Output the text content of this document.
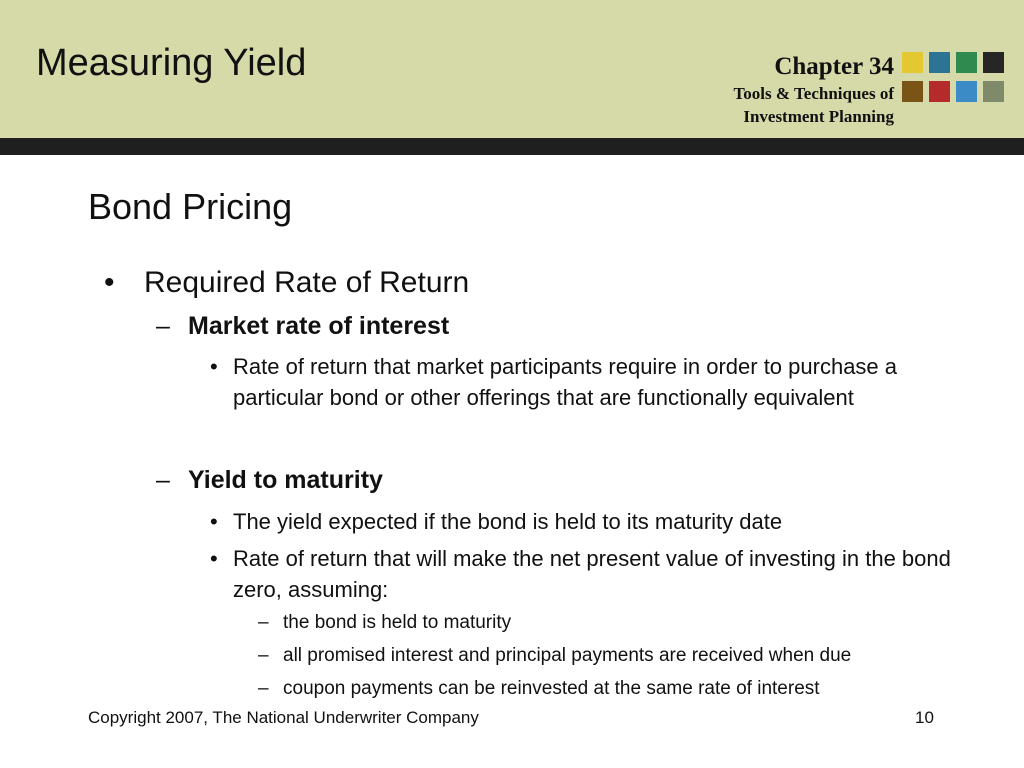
Measuring Yield	Chapter 34
Tools & Techniques of
Investment Planning
Bond Pricing
• Required Rate of Return
– Market rate of interest
• Rate of return that market participants require in order to purchase a particular bond or other offerings that are functionally equivalent
– Yield to maturity
• The yield expected if the bond is held to its maturity date
• Rate of return that will make the net present value of investing in the bond zero, assuming:
– the bond is held to maturity
– all promised interest and principal payments are received when due
– coupon payments can be reinvested at the same rate of interest
Copyright 2007, The National Underwriter Company	10
